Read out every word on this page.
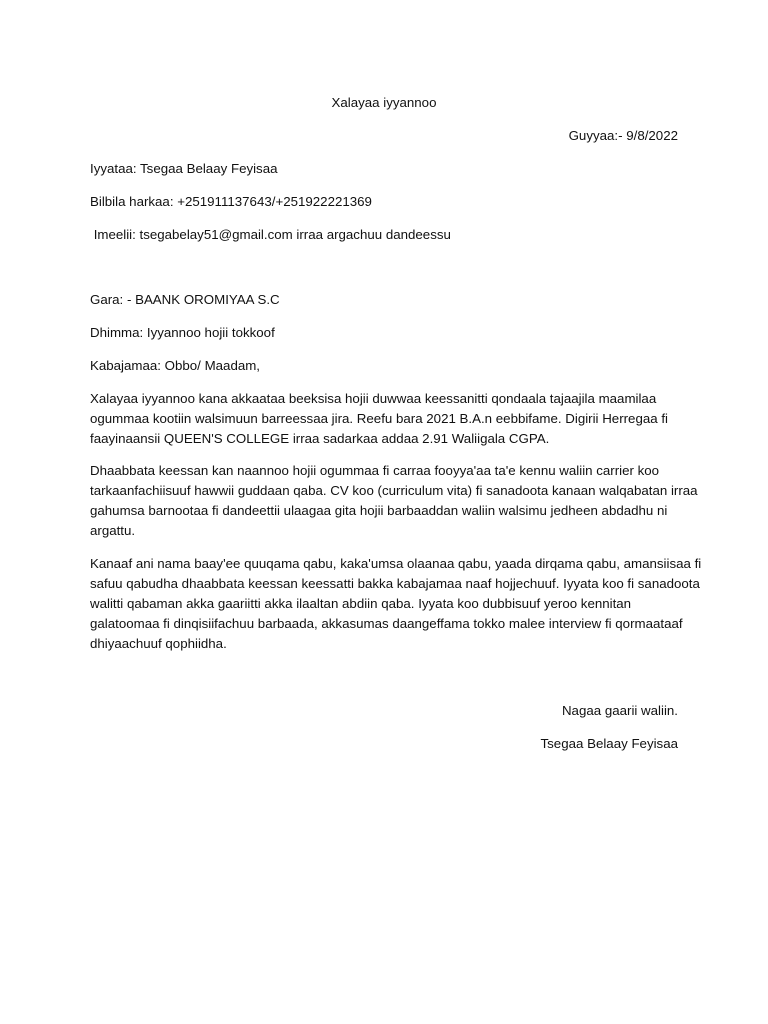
Xalayaa iyyannoo

Guyyaa:- 9/8/2022

Iyyataa: Tsegaa Belaay Feyisaa

Bilbila harkaa: +251911137643/+251922221369

Imeelii: tsegabelay51@gmail.com irraa argachuu dandeessu

Gara: - BAANK OROMIYAA S.C

Dhimma: Iyyannoo hojii tokkoof

Kabajamaa: Obbo/ Maadam,

Xalayaa iyyannoo kana akkaataa beeksisa hojii duwwaa keessanitti qondaala tajaajila maamilaa
ogummaa kootiin walsimuun barreessaa jira. Reefu bara 2021 B.A.n eebbifame. Digirii Herregaa fi
faayinaansii QUEEN'S COLLEGE irraa sadarkaa addaa 2.91 Waliigala CGPA.
Dhaabbata keessan kan naannoo hojii ogummaa fi carraa fooyya'aa ta'e kennu waliin carrier koo
tarkaanfachiisuuf hawwii guddaan qaba. CV koo (curriculum vita) fi sanadoota kanaan walqabatan irraa
gahumsa barnootaa fi dandeettii ulaagaa gita hojii barbaaddan waliin walsimu jedheen abdadhu ni
argattu.
Kanaaf ani nama baay'ee quuqama qabu, kaka'umsa olaanaa qabu, yaada dirqama qabu, amansiisaa fi
safuu qabudha dhaabbata keessan keessatti bakka kabajamaa naaf hojjechuuf. Iyyata koo fi sanadoota
walitti qabaman akka gaariitti akka ilaaltan abdiin qaba. Iyyata koo dubbisuuf yeroo kennitan
galatoomaa fi dinqisiifachuu barbaada, akkasumas daangeffama tokko malee interview fi qormaataaf
dhiyaachuuf qophiidha.

Nagaa gaarii waliin.

Tsegaa Belaay Feyisaa
